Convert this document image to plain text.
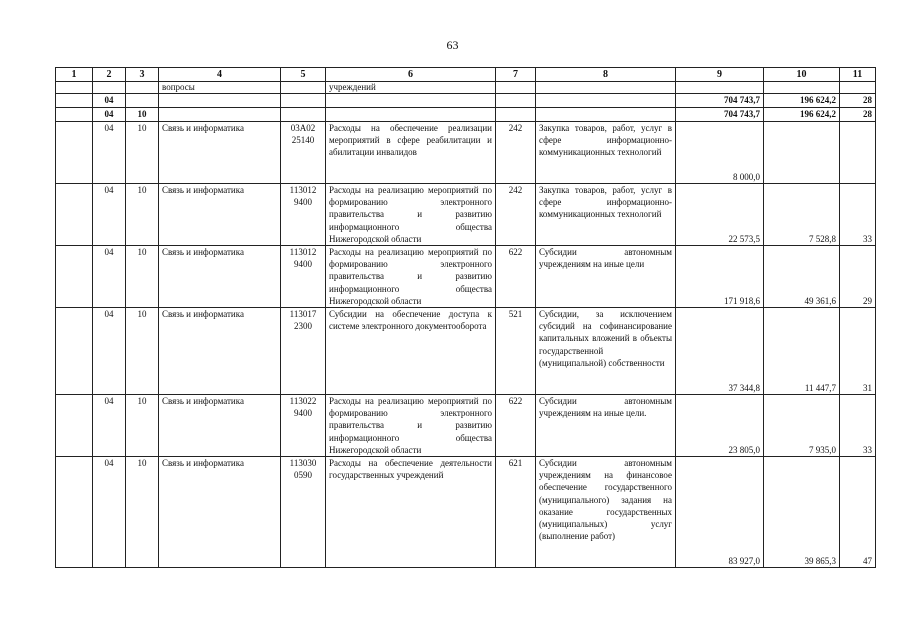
63
1	2	3	4	5	6	7	8	9	10	11
			вопросы		учреждений					
	04							704 743,7	196 624,2	28
	04	10						704 743,7	196 624,2	28
	04	10	Связь и информатика	03А02 25140	Расходы на обеспечение реализации мероприятий в сфере реабилитации и абилитации инвалидов	242	Закупка товаров, работ, услуг в сфере информационно-коммуникационных технологий	8 000,0		
	04	10	Связь и информатика	113012 9400	Расходы на реализацию мероприятий по формированию электронного правительства и развитию информационного общества Нижегородской области	242	Закупка товаров, работ, услуг в сфере информационно-коммуникационных технологий	22 573,5	7 528,8	33
	04	10	Связь и информатика	113012 9400	Расходы на реализацию мероприятий по формированию электронного правительства и развитию информационного общества Нижегородской области	622	Субсидии автономным учреждениям на иные цели	171 918,6	49 361,6	29
	04	10	Связь и информатика	113017 2300	Субсидии на обеспечение доступа к системе электронного документооборота	521	Субсидии, за исключением субсидий на софинансирование капитальных вложений в объекты государственной (муниципальной) собственности	37 344,8	11 447,7	31
	04	10	Связь и информатика	113022 9400	Расходы на реализацию мероприятий по формированию электронного правительства и развитию информационного общества Нижегородской области	622	Субсидии автономным учреждениям на иные цели.	23 805,0	7 935,0	33
	04	10	Связь и информатика	113030 0590	Расходы на обеспечение деятельности государственных учреждений	621	Субсидии автономным учреждениям на финансовое обеспечение государственного (муниципального) задания на оказание государственных (муниципальных) услуг (выполнение работ)	83 927,0	39 865,3	47
